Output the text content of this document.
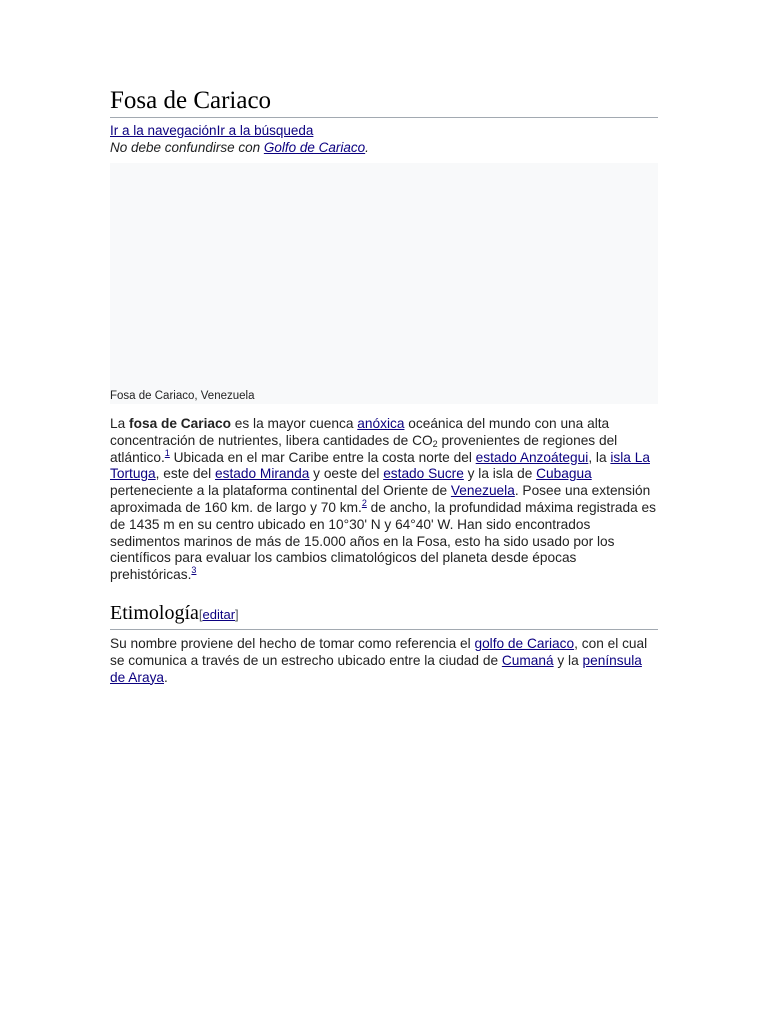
Fosa de Cariaco
Ir a la navegaciónIr a la búsqueda
No debe confundirse con Golfo de Cariaco.
Fosa de Cariaco, Venezuela

La fosa de Cariaco es la mayor cuenca anóxica oceánica del mundo con una alta concentración de nutrientes, libera cantidades de $CO_2$ provenientes de regiones del atlántico.$^1$ Ubicada en el mar Caribe entre la costa norte del estado Anzoátegui, la isla La Tortuga, este del estado Miranda y oeste del estado Sucre y la isla de Cubagua perteneciente a la plataforma continental del Oriente de Venezuela. Posee una extensión aproximada de 160 km. de largo y 70 km.$^2$ de ancho, la profundidad máxima registrada es de 1435 m en su centro ubicado en 10°30' N y 64°40' W. Han sido encontrados sedimentos marinos de más de 15.000 años en la Fosa, esto ha sido usado por los científicos para evaluar los cambios climatológicos del planeta desde épocas prehistóricas.$^3$

Etimología[editar]

Su nombre proviene del hecho de tomar como referencia el golfo de Cariaco, con el cual se comunica a través de un estrecho ubicado entre la ciudad de Cumaná y la península de Araya.
